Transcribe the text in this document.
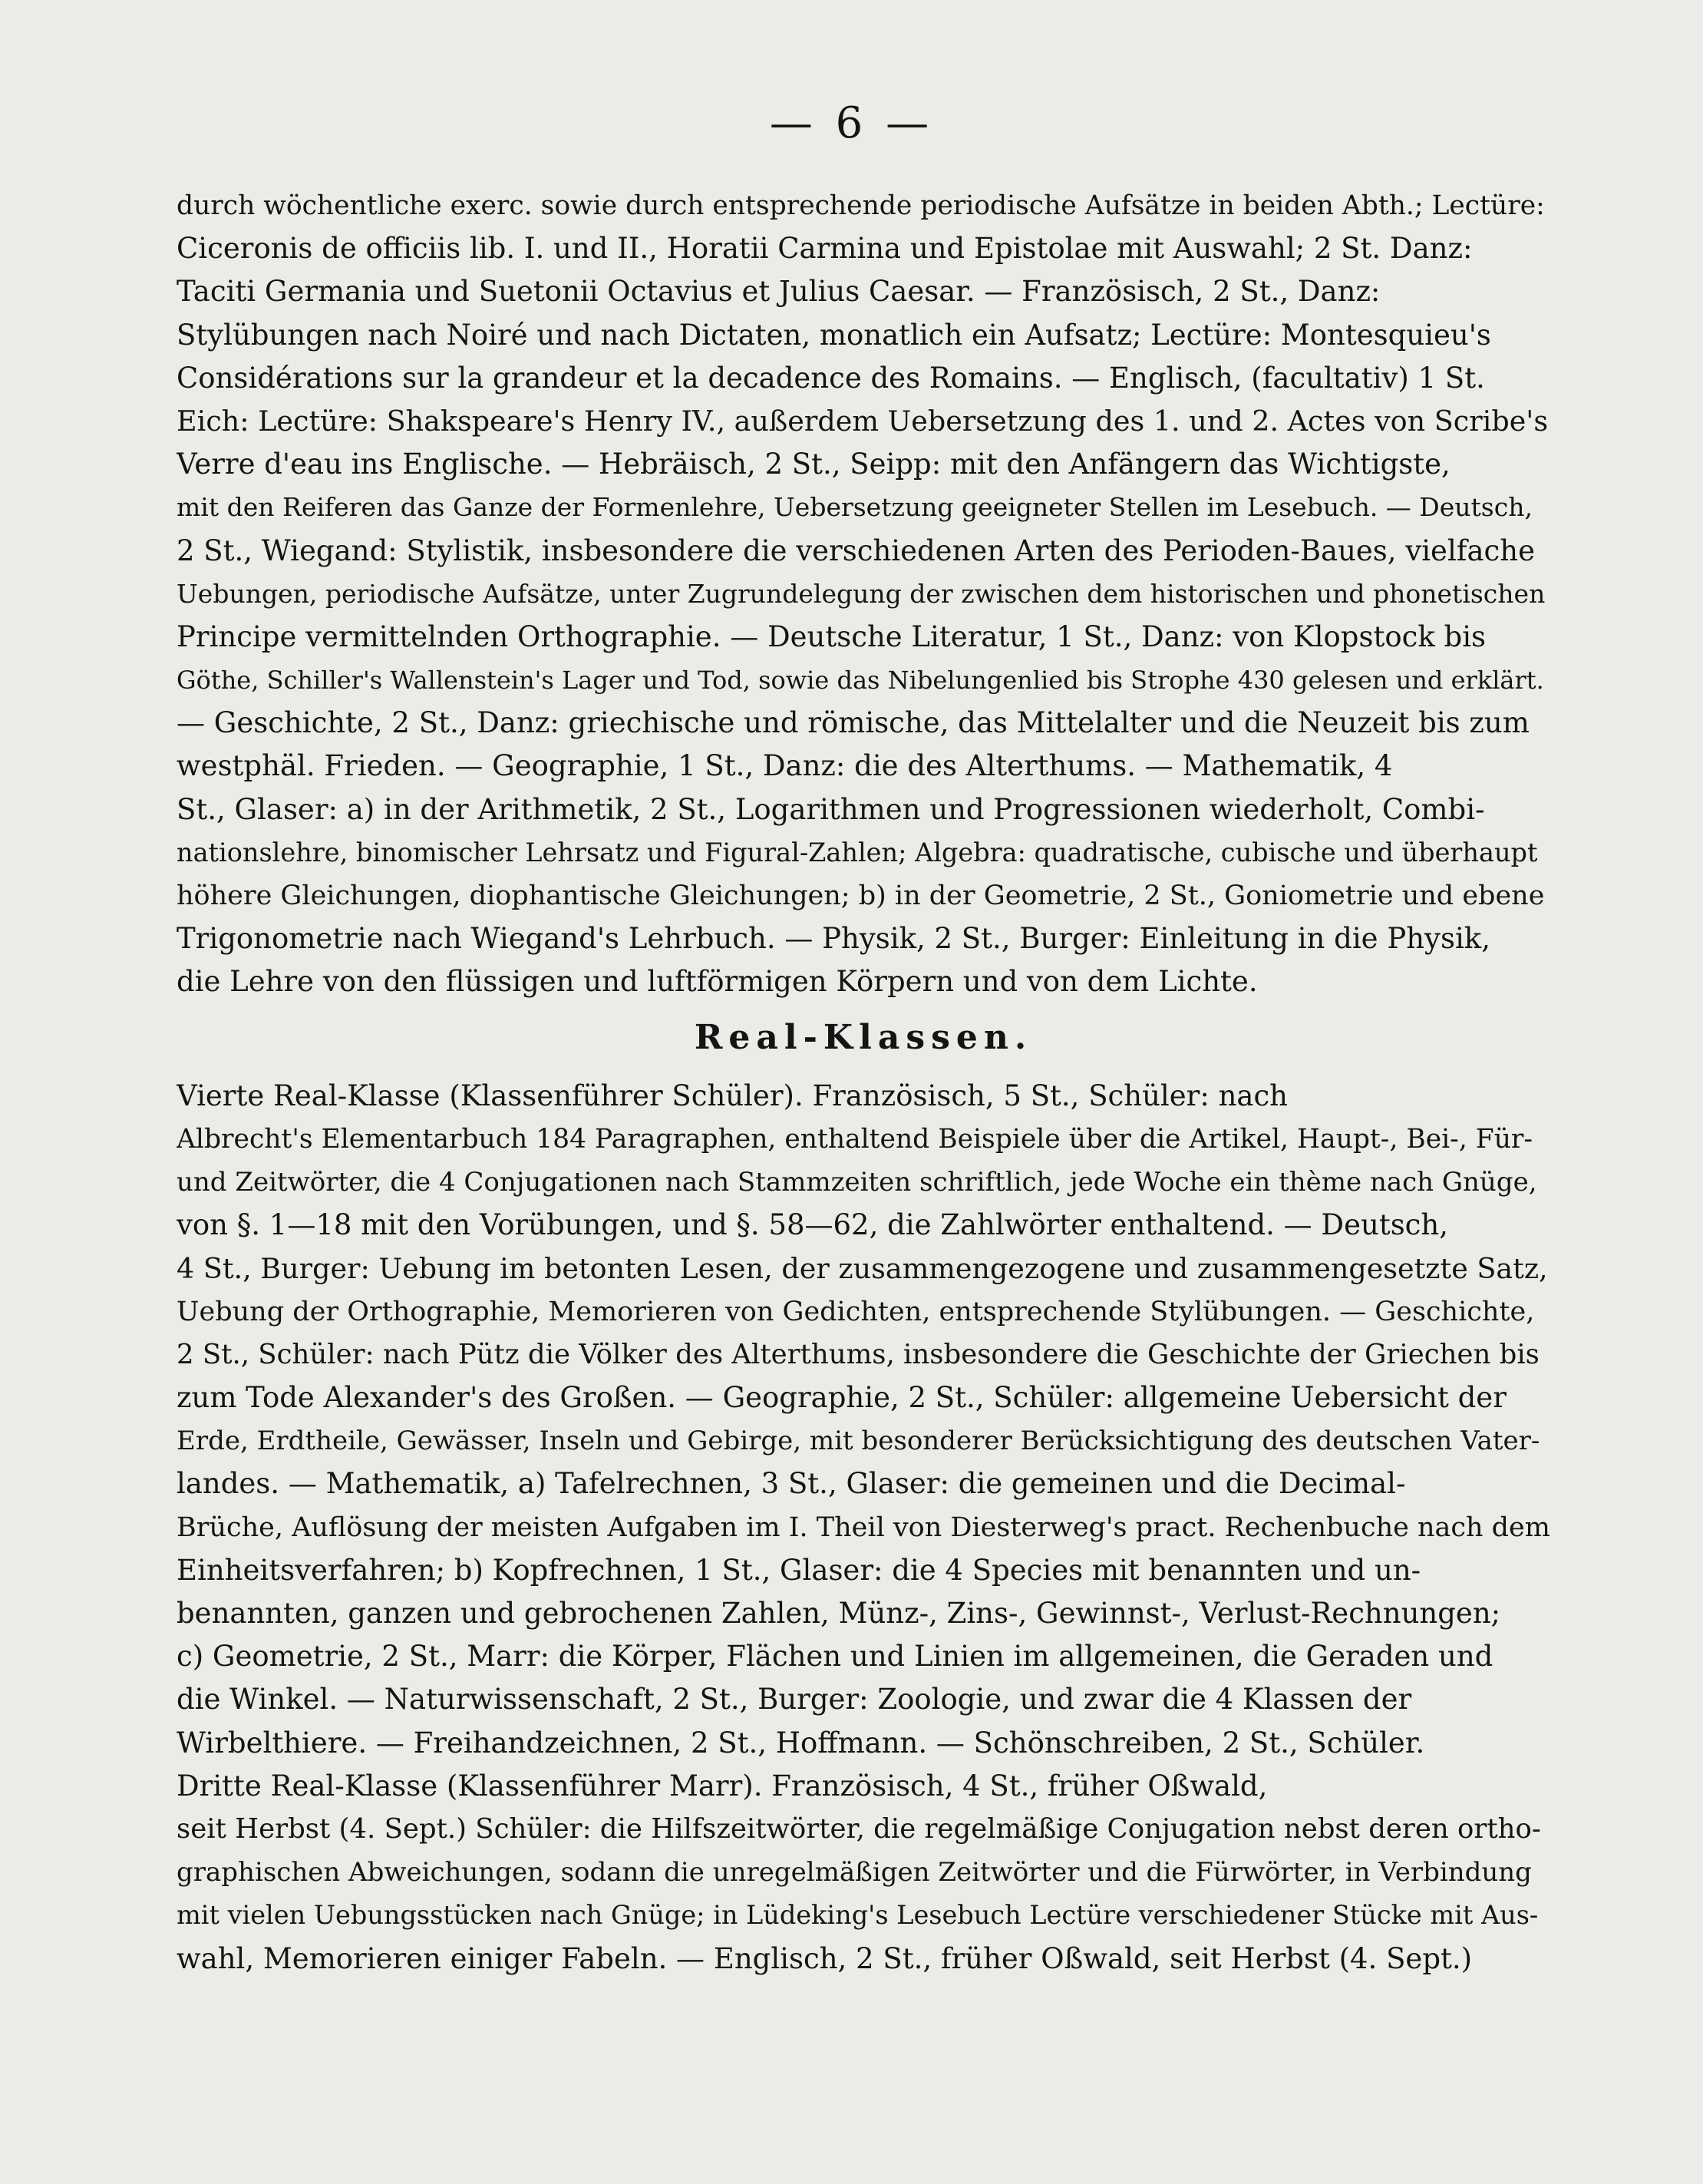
— 6 —
durch wöchentliche exerc. sowie durch entsprechende periodische Aufsätze in beiden Abth.; Lectüre:
Ciceronis de officiis lib. I. und II., Horatii Carmina und Epistolae mit Auswahl; 2 St. Danz:
Taciti Germania und Suetonii Octavius et Julius Caesar. — Französisch, 2 St., Danz:
Stylübungen nach Noiré und nach Dictaten, monatlich ein Aufsatz; Lectüre: Montesquieu's
Considérations sur la grandeur et la decadence des Romains. — Englisch, (facultativ) 1 St.
Eich: Lectüre: Shakspeare's Henry IV., außerdem Uebersetzung des 1. und 2. Actes von Scribe's
Verre d'eau ins Englische. — Hebräisch, 2 St., Seipp: mit den Anfängern das Wichtigste,
mit den Reiferen das Ganze der Formenlehre, Uebersetzung geeigneter Stellen im Lesebuch. — Deutsch,
2 St., Wiegand: Stylistik, insbesondere die verschiedenen Arten des Perioden-Baues, vielfache
Uebungen, periodische Aufsätze, unter Zugrundelegung der zwischen dem historischen und phonetischen
Principe vermittelnden Orthographie. — Deutsche Literatur, 1 St., Danz: von Klopstock bis
Göthe, Schiller's Wallenstein's Lager und Tod, sowie das Nibelungenlied bis Strophe 430 gelesen und erklärt.
— Geschichte, 2 St., Danz: griechische und römische, das Mittelalter und die Neuzeit bis zum
westphäl. Frieden. — Geographie, 1 St., Danz: die des Alterthums. — Mathematik, 4
St., Glaser: a) in der Arithmetik, 2 St., Logarithmen und Progressionen wiederholt, Combi-
nationslehre, binomischer Lehrsatz und Figural-Zahlen; Algebra: quadratische, cubische und überhaupt
höhere Gleichungen, diophantische Gleichungen; b) in der Geometrie, 2 St., Goniometrie und ebene
Trigonometrie nach Wiegand's Lehrbuch. — Physik, 2 St., Burger: Einleitung in die Physik,
die Lehre von den flüssigen und luftförmigen Körpern und von dem Lichte.
Real-Klassen.
Vierte Real-Klasse (Klassenführer Schüler). Französisch, 5 St., Schüler: nach
Albrecht's Elementarbuch 184 Paragraphen, enthaltend Beispiele über die Artikel, Haupt-, Bei-, Für-
und Zeitwörter, die 4 Conjugationen nach Stammzeiten schriftlich, jede Woche ein thème nach Gnüge,
von §. 1—18 mit den Vorübungen, und §. 58—62, die Zahlwörter enthaltend. — Deutsch,
4 St., Burger: Uebung im betonten Lesen, der zusammengezogene und zusammengesetzte Satz,
Uebung der Orthographie, Memorieren von Gedichten, entsprechende Stylübungen. — Geschichte,
2 St., Schüler: nach Pütz die Völker des Alterthums, insbesondere die Geschichte der Griechen bis
zum Tode Alexander's des Großen. — Geographie, 2 St., Schüler: allgemeine Uebersicht der
Erde, Erdtheile, Gewässer, Inseln und Gebirge, mit besonderer Berücksichtigung des deutschen Vater-
landes. — Mathematik, a) Tafelrechnen, 3 St., Glaser: die gemeinen und die Decimal-
Brüche, Auflösung der meisten Aufgaben im I. Theil von Diesterweg's pract. Rechenbuche nach dem
Einheitsverfahren; b) Kopfrechnen, 1 St., Glaser: die 4 Species mit benannten und un-
benannten, ganzen und gebrochenen Zahlen, Münz-, Zins-, Gewinnst-, Verlust-Rechnungen;
c) Geometrie, 2 St., Marr: die Körper, Flächen und Linien im allgemeinen, die Geraden und
die Winkel. — Naturwissenschaft, 2 St., Burger: Zoologie, und zwar die 4 Klassen der
Wirbelthiere. — Freihandzeichnen, 2 St., Hoffmann. — Schönschreiben, 2 St., Schüler.
Dritte Real-Klasse (Klassenführer Marr). Französisch, 4 St., früher Oßwald,
seit Herbst (4. Sept.) Schüler: die Hilfszeitwörter, die regelmäßige Conjugation nebst deren ortho-
graphischen Abweichungen, sodann die unregelmäßigen Zeitwörter und die Fürwörter, in Verbindung
mit vielen Uebungsstücken nach Gnüge; in Lüdeking's Lesebuch Lectüre verschiedener Stücke mit Aus-
wahl, Memorieren einiger Fabeln. — Englisch, 2 St., früher Oßwald, seit Herbst (4. Sept.)
